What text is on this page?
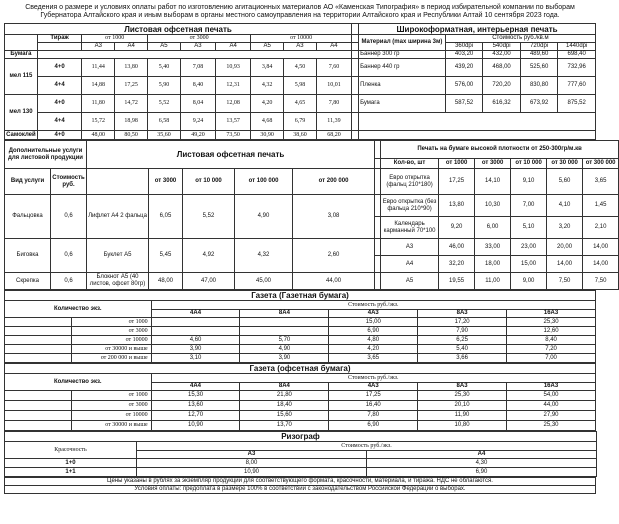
Сведения о размере и условиях оплаты работ по изготовлению агитационных материалов АО «Каменская Типография» в период избирательной компании по выборам Губернатора Алтайского края и иным выборам в органы местного самоуправления на территории Алтайского края и Республики Алтай 10 сентября 2023 года.
Листовая офсетная печать											Широкоформатная, интерьерная печать				
	Тираж	от 1000		от 3000			от 10000				Материал (max ширина 3м)	Стоимость руб./кв.м			
		A3	A4	A5	A3	A4	A5	A3	A4			360dpi	540dpi	720dpi	1440dpi
Бумага											Баннер 300 гр	403,20	432,00	489,60	698,40
мел 115	4+0	11,44	13,80	5,40	7,08	10,93	3,84	4,50	7,60		Баннер 440 гр	439,20	468,00	525,60	732,96
	4+4	14,88	17,25	5,90	8,40	12,31	4,32	5,98	10,01		Пленка	576,00	720,20	830,80	777,60
мел 130	4+0	11,80	14,72	5,52	8,04	12,08	4,20	4,65	7,80		Бумага	587,52	616,32	673,92	875,52
	4+4	15,72	18,98	6,58	9,24	13,57	4,68	6,79	11,39						
Самоклей	4+0	48,00	80,50	35,60	49,20	73,50	30,90	38,60	68,20						
Дополнительные услуги для листовой продукции		Листовая офсетная печать						Печать на бумаге высокой плотности от 250-300гр/м.кв					
								Кол-во, шт	от 1000	от 3000	от 10 000	от 30 000	от 300 000
Вид услуги	Стоимость руб.		от 3000	от 10 000	от 100 000	от 200 000		Евро открытка (фальц 210*180)	17,25	14,10	9,10	5,60	3,65
Фальцовка	0,6	Лифлет А4 2 фальца	6,05	5,52	4,90	3,08		Евро открытка (без фальца 210*90)	13,80	10,30	7,00	4,10	1,45
								Календарь карманный 70*100	9,20	6,00	5,10	3,20	2,10
Биговка	0,6	Буклет А5	5,45	4,92	4,32	2,60		A3	46,00	33,00	23,00	20,00	14,00
								A4	32,20	18,00	15,00	14,00	14,00
Скрепка	0,6	Блокнот А5 (40 листов, офсет 80гр)	48,00	47,00	45,00	44,00		A5	19,55	11,00	9,00	7,50	7,50
Газета (Газетная бумага)						
Количество экз.		Стоимость руб./экз.				
		4A4	8A4	4A3	8A3	16A3
	от 1000			15,00	17,20	25,30
	от 3000			6,90	7,90	12,60
	от 10000	4,60	5,70	4,80	6,25	8,40
	от 30000 и выше	3,90	4,90	4,20	5,40	7,20
	от 200 000 и выше	3,10	3,90	3,65	3,66	7,00
Газета (офсетная бумага)						
Количество экз.		Стоимость руб./экз.				
		4A4	8A4	4A3	8A3	16A3
	от 1000	15,30	21,80	17,25	25,30	54,00
	от 3000	13,60	18,40	16,40	20,10	44,00
	от 10000	12,70	15,60	7,80	11,90	27,90
	от 30000 и выше	10,90	13,70	6,90	10,80	25,30
Ризограф		
Красочность	Стоимость руб./экз.	
	A3	A4
1+0	8,00	4,30
1+1	10,90	6,90
Цены указаны в рублях за экземпляр продукции для соответствующего формата, красочности, материала, и тиража. НДС не облагаются.
Условия оплаты: предоплата в размере 100% в соответствии с законодательством Российской Федерации о выборах.
